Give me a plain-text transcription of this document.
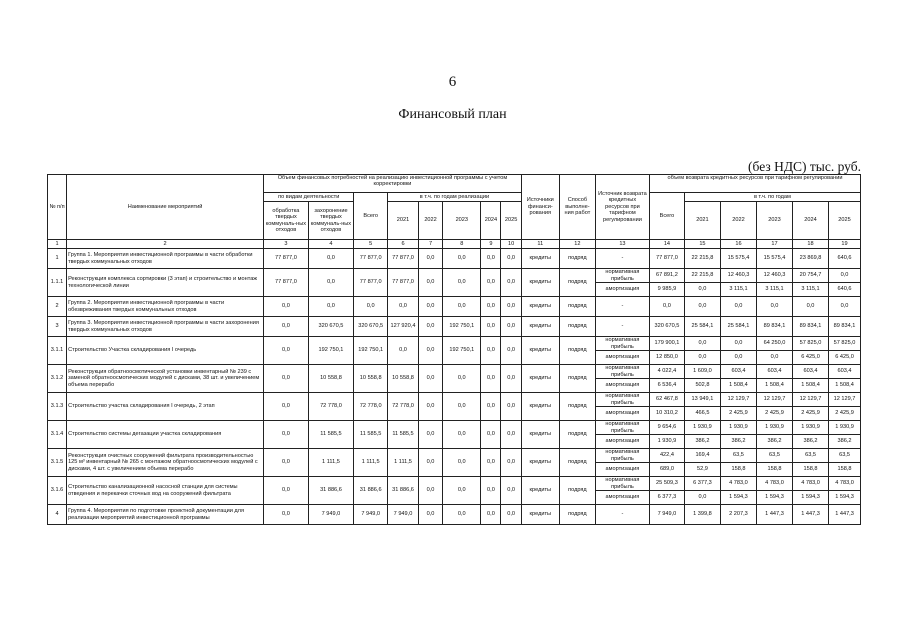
6
Финансовый план
(без НДС) тыс. руб.
№ п/п	Наименование мероприятий	Объем финансовых потребностей на реализацию инвестиционной программы с учетом корректировки								Источники финанси-рования	Способ выполне-ния работ	Источник возврата кредитных ресурсов при тарифном регулировании	объем возврата кредитных ресурсов при тарифном регулировании					
		по видам деятельности		Всего	в т.ч. по годам реализации								Всего	в т.ч. по годам				
		обработка твердых коммуналь-ных отходов	захоронение твердых коммуналь-ных отходов		2021	2022	2023	2024	2025					2021	2022	2023	2024	2025
1	2	3	4	5	6	7	8	9	10	11	12	13	14	15	16	17	18	19
1	Группа 1. Мероприятия инвестиционной программы в части обработки твердых коммунальных отходов	77 877,0	0,0	77 877,0	77 877,0	0,0	0,0	0,0	0,0	кредиты	подряд	-	77 877,0	22 215,8	15 575,4	15 575,4	23 869,8	640,6
1.1.1	Реконструкция комплекса сортировки (3 этап) и строительство и монтаж технологической линии	77 877,0	0,0	77 877,0	77 877,0	0,0	0,0	0,0	0,0	кредиты	подряд	нормативная прибыль	67 891,2	22 215,8	12 460,3	12 460,3	20 754,7	0,0
												амортизация	9 985,9	0,0	3 115,1	3 115,1	3 115,1	640,6
2	Группа 2. Мероприятия инвестиционной программы в части обезвреживания твердых коммунальных отходов	0,0	0,0	0,0	0,0	0,0	0,0	0,0	0,0	кредиты	подряд	-	0,0	0,0	0,0	0,0	0,0	0,0
3	Группа 3. Мероприятия инвестиционной программы в части захоронения твердых коммунальных отходов	0,0	320 670,5	320 670,5	127 920,4	0,0	192 750,1	0,0	0,0	кредиты	подряд	-	320 670,5	25 584,1	25 584,1	89 834,1	89 834,1	89 834,1
3.1.1	Строительство Участка складирования I очередь	0,0	192 750,1	192 750,1	0,0	0,0	192 750,1	0,0	0,0	кредиты	подряд	нормативная прибыль	179 900,1	0,0	0,0	64 250,0	57 825,0	57 825,0
												амортизация	12 850,0	0,0	0,0	0,0	6 425,0	6 425,0
3.1.2	Реконструкция обратноосмотической установки инвентарный № 239 с заменой обратноосмотических модулей с дисками, 38 шт. и увеличением объема перерабо	0,0	10 558,8	10 558,8	10 558,8	0,0	0,0	0,0	0,0	кредиты	подряд	нормативная прибыль	4 022,4	1 609,0	603,4	603,4	603,4	603,4
												амортизация	6 536,4	502,8	1 508,4	1 508,4	1 508,4	1 508,4
3.1.3	Строительство участка складирования I очередь, 2 этап	0,0	72 778,0	72 778,0	72 778,0	0,0	0,0	0,0	0,0	кредиты	подряд	нормативная прибыль	62 467,8	13 949,1	12 129,7	12 129,7	12 129,7	12 129,7
												амортизация	10 310,2	466,5	2 425,9	2 425,9	2 425,9	2 425,9
3.1.4	Строительство системы дегазации участка складирования	0,0	11 585,5	11 585,5	11 585,5	0,0	0,0	0,0	0,0	кредиты	подряд	нормативная прибыль	9 654,6	1 930,9	1 930,9	1 930,9	1 930,9	1 930,9
												амортизация	1 930,9	386,2	386,2	386,2	386,2	386,2
3.1.5	Реконструкция очистных сооружений фильтрата производительностью 125 м³ инвентарный № 265 с монтажом обратноосмотических модулей с дисками, 4 шт. с увеличением объема перерабо	0,0	1 111,5	1 111,5	1 111,5	0,0	0,0	0,0	0,0	кредиты	подряд	нормативная прибыль	422,4	169,4	63,5	63,5	63,5	63,5
												амортизация	689,0	52,9	158,8	158,8	158,8	158,8
3.1.6	Строительство канализационной насосной станции для системы отведения и перекачки сточных вод на сооружений фильтрата	0,0	31 886,6	31 886,6	31 886,6	0,0	0,0	0,0	0,0	кредиты	подряд	нормативная прибыль	25 509,3	6 377,3	4 783,0	4 783,0	4 783,0	4 783,0
												амортизация	6 377,3	0,0	1 594,3	1 594,3	1 594,3	1 594,3
4	Группа 4. Мероприятия по подготовке проектной документации для реализации мероприятий инвестиционной программы	0,0	7 949,0	7 949,0	7 949,0	0,0	0,0	0,0	0,0	кредиты	подряд	-	7 949,0	1 399,8	2 207,3	1 447,3	1 447,3	1 447,3
